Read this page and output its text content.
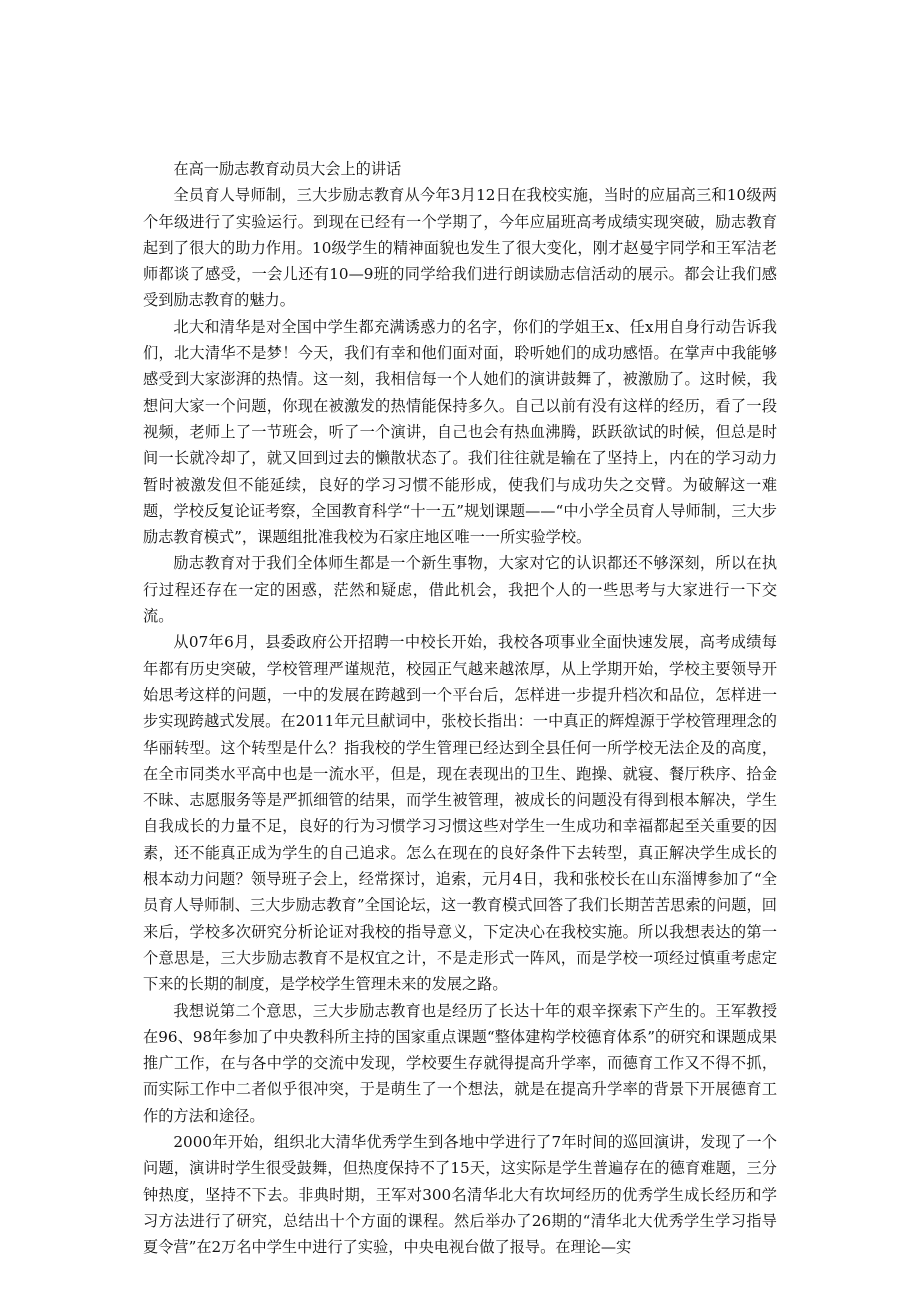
在高一励志教育动员大会上的讲话

全员育人导师制，三大步励志教育从今年3月12日在我校实施，当时的应届高三和10级两个年级进行了实验运行。到现在已经有一个学期了，今年应届班高考成绩实现突破，励志教育起到了很大的助力作用。10级学生的精神面貌也发生了很大变化，刚才赵曼宇同学和王军洁老师都谈了感受，一会儿还有10—9班的同学给我们进行朗读励志信活动的展示。都会让我们感受到励志教育的魅力。

北大和清华是对全国中学生都充满诱惑力的名字，你们的学姐王x、任x用自身行动告诉我们，北大清华不是梦！今天，我们有幸和他们面对面，聆听她们的成功感悟。在掌声中我能够感受到大家澎湃的热情。这一刻，我相信每一个人她们的演讲鼓舞了，被激励了。这时候，我想问大家一个问题，你现在被激发的热情能保持多久。自己以前有没有这样的经历，看了一段视频，老师上了一节班会，听了一个演讲，自己也会有热血沸腾，跃跃欲试的时候，但总是时间一长就冷却了，就又回到过去的懒散状态了。我们往往就是输在了坚持上，内在的学习动力暂时被激发但不能延续，良好的学习习惯不能形成，使我们与成功失之交臂。为破解这一难题，学校反复论证考察，全国教育科学“十一五”规划课题——“中小学全员育人导师制，三大步励志教育模式”，课题组批准我校为石家庄地区唯一一所实验学校。

励志教育对于我们全体师生都是一个新生事物，大家对它的认识都还不够深刻，所以在执行过程还存在一定的困惑，茫然和疑虑，借此机会，我把个人的一些思考与大家进行一下交流。

从07年6月，县委政府公开招聘一中校长开始，我校各项事业全面快速发展，高考成绩每年都有历史突破，学校管理严谨规范，校园正气越来越浓厚，从上学期开始，学校主要领导开始思考这样的问题，一中的发展在跨越到一个平台后，怎样进一步提升档次和品位，怎样进一步实现跨越式发展。在2011年元旦献词中，张校长指出：一中真正的辉煌源于学校管理理念的华丽转型。这个转型是什么？指我校的学生管理已经达到全县任何一所学校无法企及的高度，在全市同类水平高中也是一流水平，但是，现在表现出的卫生、跑操、就寝、餐厅秩序、拾金不昧、志愿服务等是严抓细管的结果，而学生被管理，被成长的问题没有得到根本解决，学生自我成长的力量不足，良好的行为习惯学习习惯这些对学生一生成功和幸福都起至关重要的因素，还不能真正成为学生的自己追求。怎么在现在的良好条件下去转型，真正解决学生成长的根本动力问题？领导班子会上，经常探讨，追索，元月4日，我和张校长在山东淄博参加了“全员育人导师制、三大步励志教育”全国论坛，这一教育模式回答了我们长期苦苦思索的问题，回来后，学校多次研究分析论证对我校的指导意义，下定决心在我校实施。所以我想表达的第一个意思是，三大步励志教育不是权宜之计，不是走形式一阵风，而是学校一项经过慎重考虑定下来的长期的制度，是学校学生管理未来的发展之路。

我想说第二个意思，三大步励志教育也是经历了长达十年的艰辛探索下产生的。王军教授在96、98年参加了中央教科所主持的国家重点课题“整体建构学校德育体系”的研究和课题成果推广工作，在与各中学的交流中发现，学校要生存就得提高升学率，而德育工作又不得不抓，而实际工作中二者似乎很冲突，于是萌生了一个想法，就是在提高升学率的背景下开展德育工作的方法和途径。

2000年开始，组织北大清华优秀学生到各地中学进行了7年时间的巡回演讲，发现了一个问题，演讲时学生很受鼓舞，但热度保持不了15天，这实际是学生普遍存在的德育难题，三分钟热度，坚持不下去。非典时期，王军对300名清华北大有坎坷经历的优秀学生成长经历和学习方法进行了研究，总结出十个方面的课程。然后举办了26期的“清华北大优秀学生学习指导夏令营”在2万名中学生中进行了实验，中央电视台做了报导。在理论—实
